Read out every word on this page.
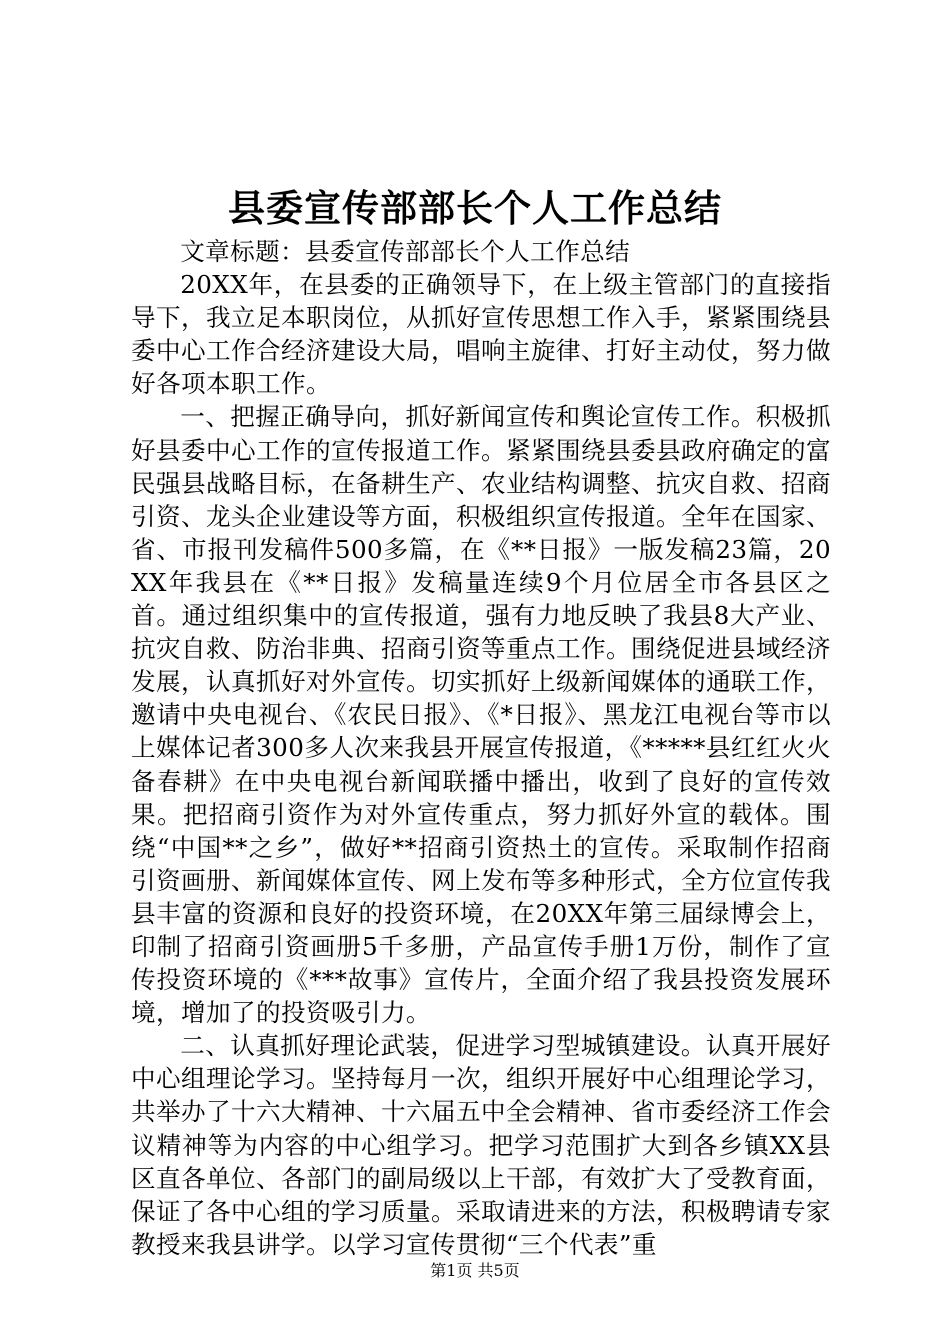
县委宣传部部长个人工作总结

文章标题：县委宣传部部长个人工作总结

20XX年，在县委的正确领导下，在上级主管部门的直接指导下，我立足本职岗位，从抓好宣传思想工作入手，紧紧围绕县委中心工作合经济建设大局，唱响主旋律、打好主动仗，努力做好各项本职工作。

一、把握正确导向，抓好新闻宣传和舆论宣传工作。积极抓好县委中心工作的宣传报道工作。紧紧围绕县委县政府确定的富民强县战略目标，在备耕生产、农业结构调整、抗灾自救、招商引资、龙头企业建设等方面，积极组织宣传报道。全年在国家、省、市报刊发稿件500多篇，在《**日报》一版发稿23篇，20XX年我县在《**日报》发稿量连续9个月位居全市各县区之首。通过组织集中的宣传报道，强有力地反映了我县8大产业、抗灾自救、防治非典、招商引资等重点工作。围绕促进县域经济发展，认真抓好对外宣传。切实抓好上级新闻媒体的通联工作，邀请中央电视台、《农民日报》、《*日报》、黑龙江电视台等市以上媒体记者300多人次来我县开展宣传报道，《*****县红红火火备春耕》在中央电视台新闻联播中播出，收到了良好的宣传效果。把招商引资作为对外宣传重点，努力抓好外宣的载体。围绕“中国**之乡”，做好**招商引资热土的宣传。采取制作招商引资画册、新闻媒体宣传、网上发布等多种形式，全方位宣传我县丰富的资源和良好的投资环境，在20XX年第三届绿博会上，印制了招商引资画册5千多册，产品宣传手册1万份，制作了宣传投资环境的《***故事》宣传片，全面介绍了我县投资发展环境，增加了的投资吸引力。

二、认真抓好理论武装，促进学习型城镇建设。认真开展好中心组理论学习。坚持每月一次，组织开展好中心组理论学习，共举办了十六大精神、十六届五中全会精神、省市委经济工作会议精神等为内容的中心组学习。把学习范围扩大到各乡镇XX县区直各单位、各部门的副局级以上干部，有效扩大了受教育面，保证了各中心组的学习质量。采取请进来的方法，积极聘请专家教授来我县讲学。以学习宣传贯彻“三个代表”重

第1页 共5页
